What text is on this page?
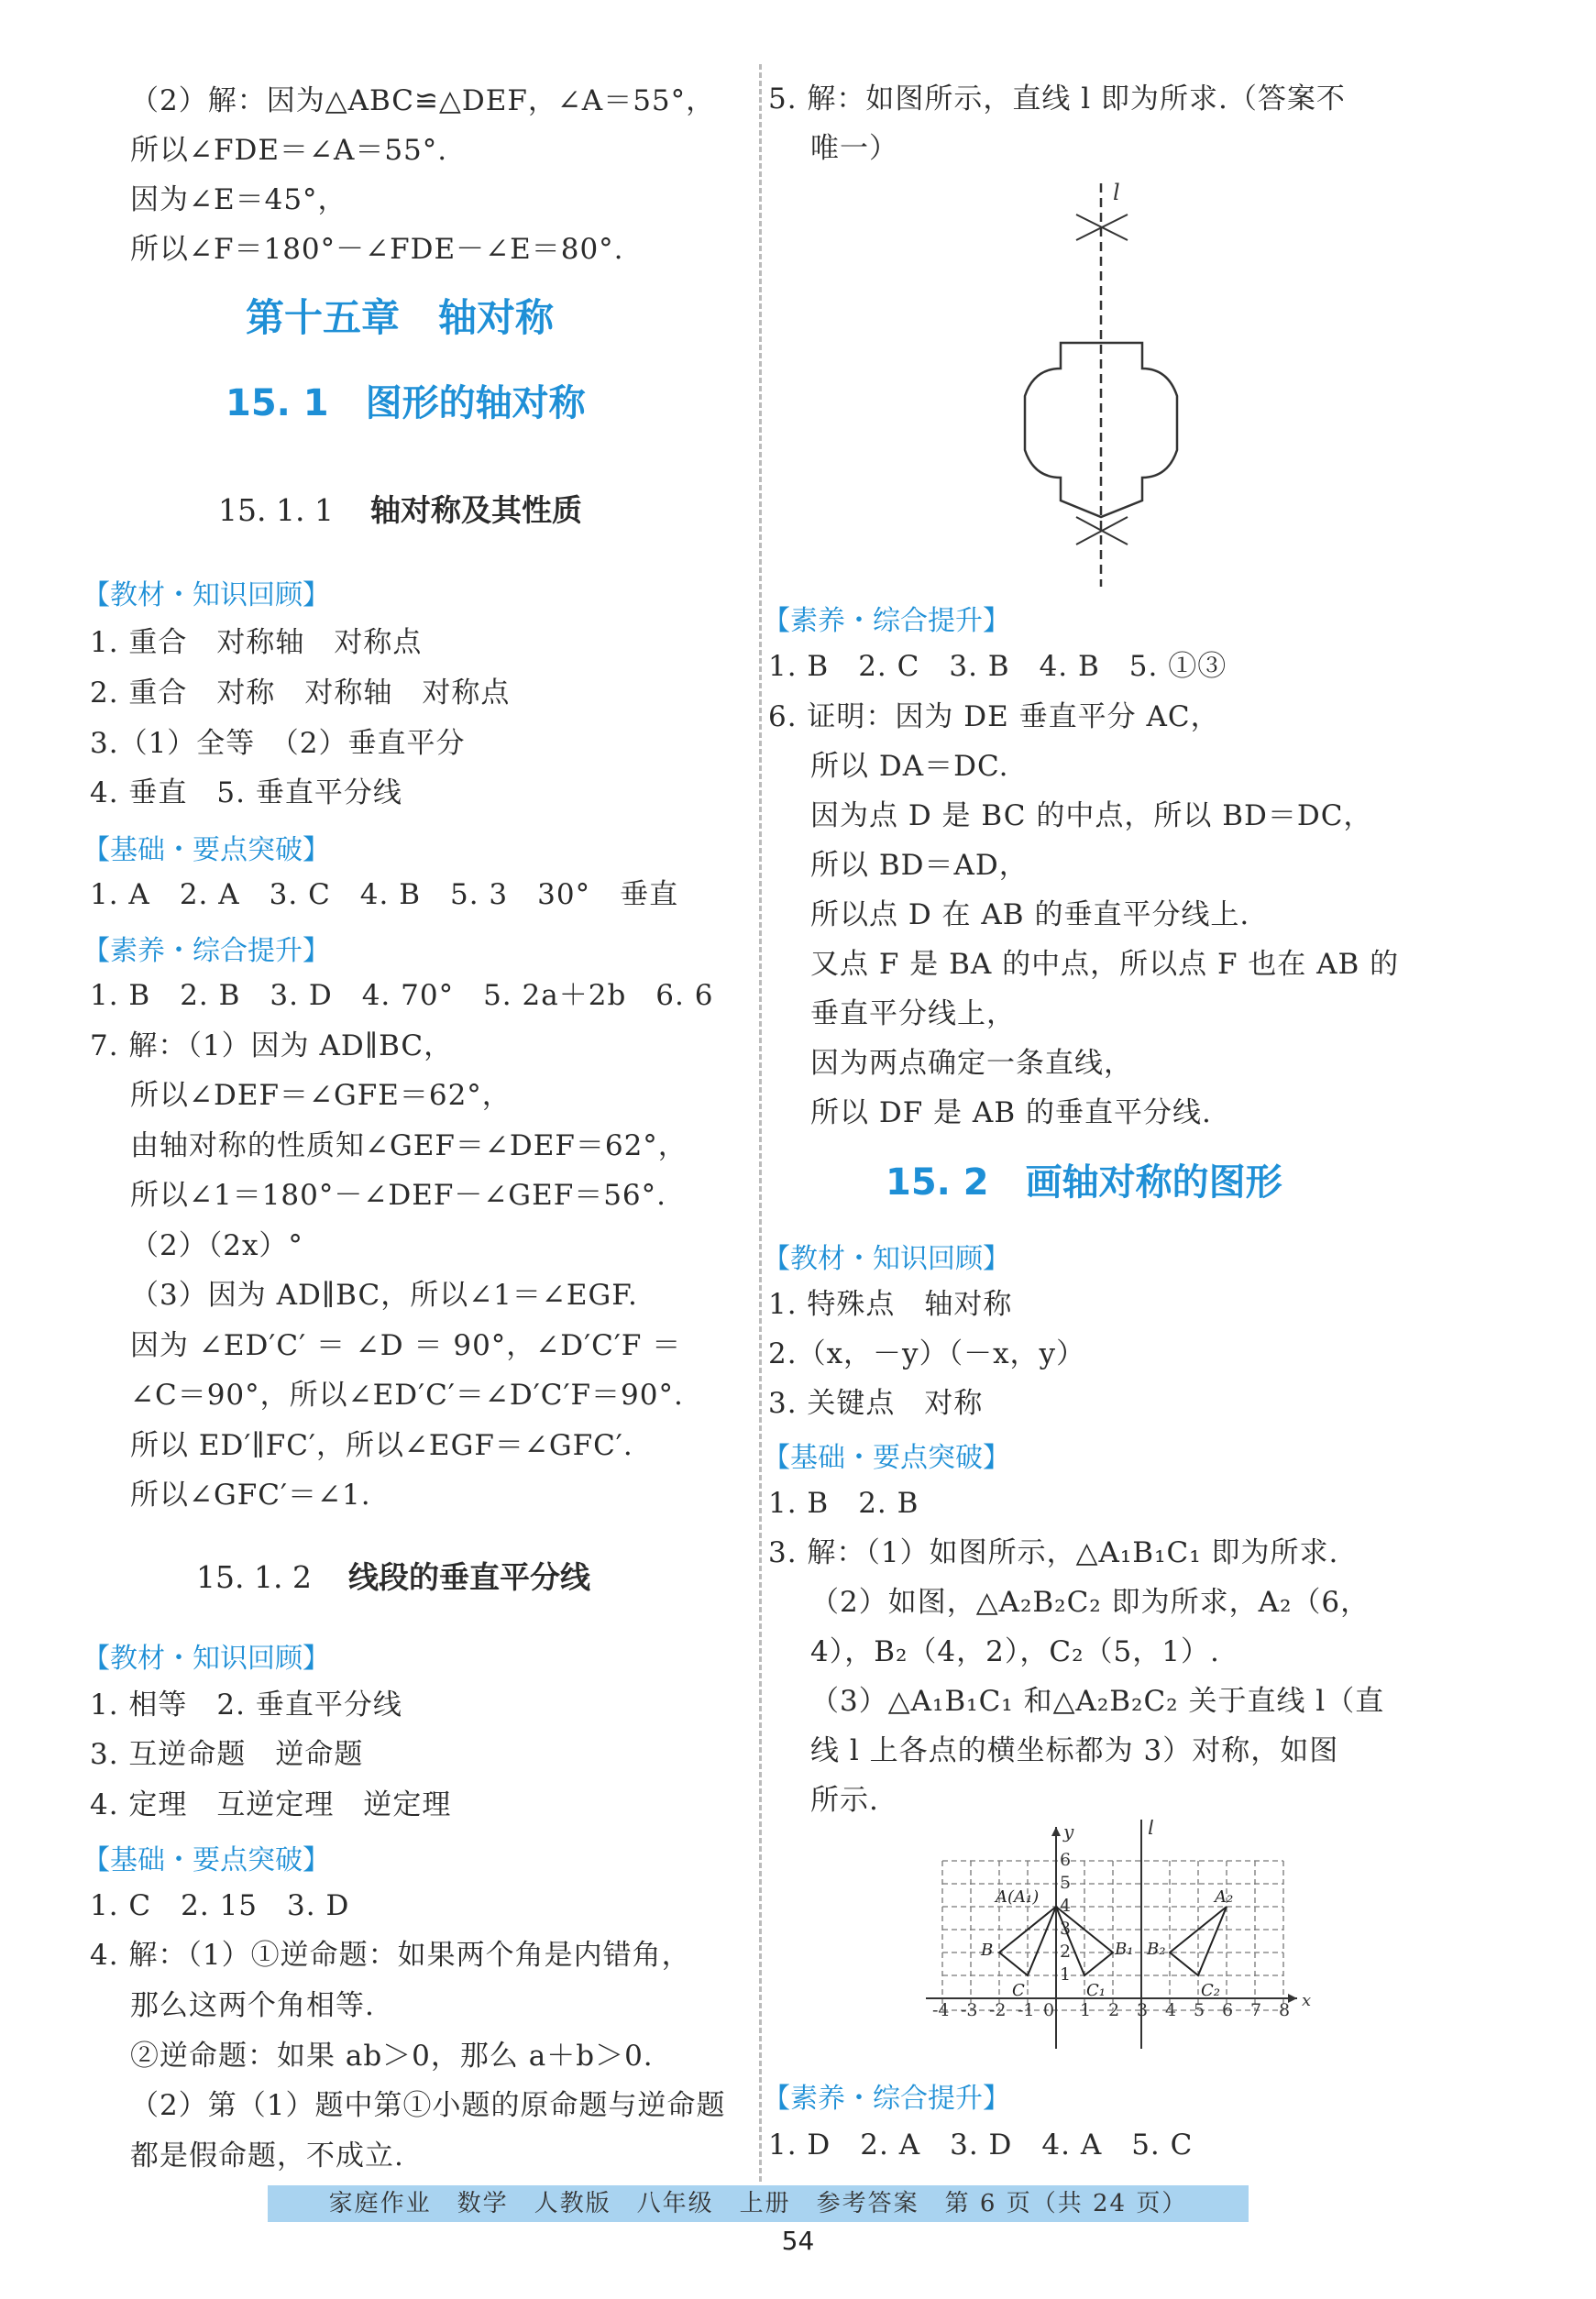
（2）解：因为△ABC≌△DEF，∠A＝55°，
所以∠FDE＝∠A＝55°.
因为∠E＝45°，
所以∠F＝180°－∠FDE－∠E＝80°.
第十五章　轴对称
15. 1　图形的轴对称
15. 1. 1 轴对称及其性质
【教材・知识回顾】
1. 重合　对称轴　对称点
2. 重合　对称　对称轴　对称点
3.（1）全等　（2）垂直平分
4. 垂直　5. 垂直平分线
【基础・要点突破】
1. A　2. A　3. C　4. B　5. 3　30°　垂直
【素养・综合提升】
1. B　2. B　3. D　4. 70°　5. 2a＋2b　6. 6
7. 解：（1）因为 AD∥BC，
所以∠DEF＝∠GFE＝62°，
由轴对称的性质知∠GEF＝∠DEF＝62°，
所以∠1＝180°－∠DEF－∠GEF＝56°.
（2）（2x）°
（3）因为 AD∥BC，所以∠1＝∠EGF.
因为 ∠ED′C′ ＝ ∠D ＝ 90°，∠D′C′F ＝
∠C＝90°，所以∠ED′C′＝∠D′C′F＝90°.
所以 ED′∥FC′，所以∠EGF＝∠GFC′.
所以∠GFC′＝∠1.
15. 1. 2 线段的垂直平分线
【教材・知识回顾】
1. 相等　2. 垂直平分线
3. 互逆命题　逆命题
4. 定理　互逆定理　逆定理
【基础・要点突破】
1. C　2. 15　3. D
4. 解：（1）①逆命题：如果两个角是内错角，
那么这两个角相等.
②逆命题：如果 ab＞0，那么 a＋b＞0.
（2）第（1）题中第①小题的原命题与逆命题
都是假命题，不成立.
5. 解：如图所示，直线 l 即为所求.（答案不
唯一）
l
【素养・综合提升】
1. B　2. C　3. B　4. B　5. ①③
6. 证明：因为 DE 垂直平分 AC，
所以 DA＝DC.
因为点 D 是 BC 的中点，所以 BD＝DC，
所以 BD＝AD，
所以点 D 在 AB 的垂直平分线上.
又点 F 是 BA 的中点，所以点 F 也在 AB 的
垂直平分线上，
因为两点确定一条直线，
所以 DF 是 AB 的垂直平分线.
15. 2　画轴对称的图形
【教材・知识回顾】
1. 特殊点　轴对称
2.（x，－y）（－x，y）
3. 关键点　对称
【基础・要点突破】
1. B　2. B
3. 解：（1）如图所示，△A₁B₁C₁ 即为所求.
（2）如图，△A₂B₂C₂ 即为所求，A₂（6，
4），B₂（4，2），C₂（5，1）.
（3）△A₁B₁C₁ 和△A₂B₂C₂ 关于直线 l（直
线 l 上各点的横坐标都为 3）对称，如图
所示.
x
y	l
-4 -3 -2 -1 0 1 2 3 4 5 6 7 8
1
2
3
4
5
6
A(A₁)
B
C
B₁
C₁
A₂
B₂
C₂
【素养・综合提升】
1. D　2. A　3. D　4. A　5. C
家庭作业　数学　人教版　八年级　上册　参考答案　第 6 页（共 24 页）
54
